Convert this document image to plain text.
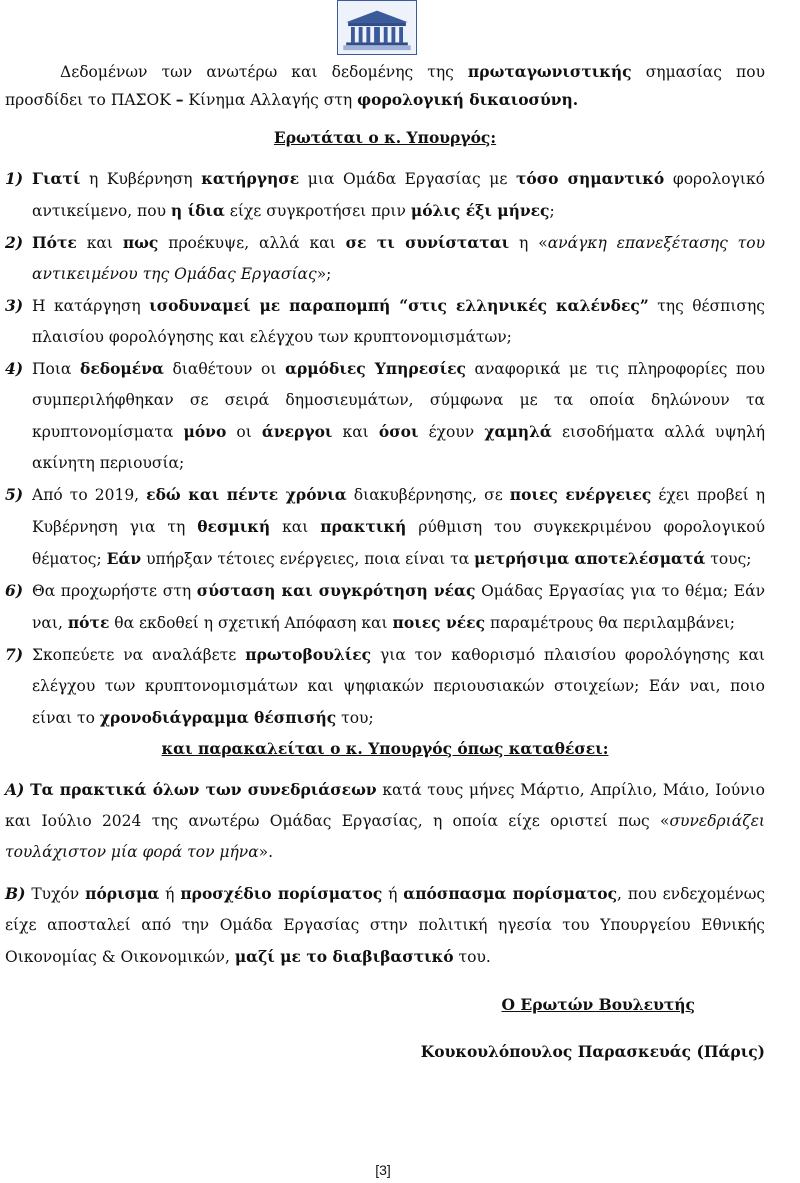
Δεδομένων των ανωτέρω και δεδομένης της πρωταγωνιστικής σημασίας που προσδίδει το ΠΑΣΟΚ – Κίνημα Αλλαγής στη φορολογική δικαιοσύνη.

Ερωτάται ο κ. Υπουργός:

1) Γιατί η Κυβέρνηση κατήργησε μια Ομάδα Εργασίας με τόσο σημαντικό φορολογικό αντικείμενο, που η ίδια είχε συγκροτήσει πριν μόλις έξι μήνες;

2) Πότε και πως προέκυψε, αλλά και σε τι συνίσταται η «ανάγκη επανεξέτασης του αντικειμένου της Ομάδας Εργασίας»;

3) Η κατάργηση ισοδυναμεί με παραπομπή “στις ελληνικές καλένδες” της θέσπισης πλαισίου φορολόγησης και ελέγχου των κρυπτονομισμάτων;

4) Ποια δεδομένα διαθέτουν οι αρμόδιες Υπηρεσίες αναφορικά με τις πληροφορίες που συμπεριλήφθηκαν σε σειρά δημοσιευμάτων, σύμφωνα με τα οποία δηλώνουν τα κρυπτονομίσματα μόνο οι άνεργοι και όσοι έχουν χαμηλά εισοδήματα αλλά υψηλή ακίνητη περιουσία;

5) Από το 2019, εδώ και πέντε χρόνια διακυβέρνησης, σε ποιες ενέργειες έχει προβεί η Κυβέρνηση για τη θεσμική και πρακτική ρύθμιση του συγκεκριμένου φορολογικού θέματος; Εάν υπήρξαν τέτοιες ενέργειες, ποια είναι τα μετρήσιμα αποτελέσματά τους;

6) Θα προχωρήστε στη σύσταση και συγκρότηση νέας Ομάδας Εργασίας για το θέμα; Εάν ναι, πότε θα εκδοθεί η σχετική Απόφαση και ποιες νέες παραμέτρους θα περιλαμβάνει;

7) Σκοπεύετε να αναλάβετε πρωτοβουλίες για τον καθορισμό πλαισίου φορολόγησης και ελέγχου των κρυπτονομισμάτων και ψηφιακών περιουσιακών στοιχείων; Εάν ναι, ποιο είναι το χρονοδιάγραμμα θέσπισής του;

και παρακαλείται ο κ. Υπουργός όπως καταθέσει:

Α) Τα πρακτικά όλων των συνεδριάσεων κατά τους μήνες Μάρτιο, Απρίλιο, Μάιο, Ιούνιο και Ιούλιο 2024 της ανωτέρω Ομάδας Εργασίας, η οποία είχε οριστεί πως «συνεδριάζει τουλάχιστον μία φορά τον μήνα».

Β) Τυχόν πόρισμα ή προσχέδιο πορίσματος ή απόσπασμα πορίσματος, που ενδεχομένως είχε αποσταλεί από την Ομάδα Εργασίας στην πολιτική ηγεσία του Υπουργείου Εθνικής Οικονομίας & Οικονομικών, μαζί με το διαβιβαστικό του.

Ο Ερωτών Βουλευτής

Κουκουλόπουλος Παρασκευάς (Πάρις)

[3]
